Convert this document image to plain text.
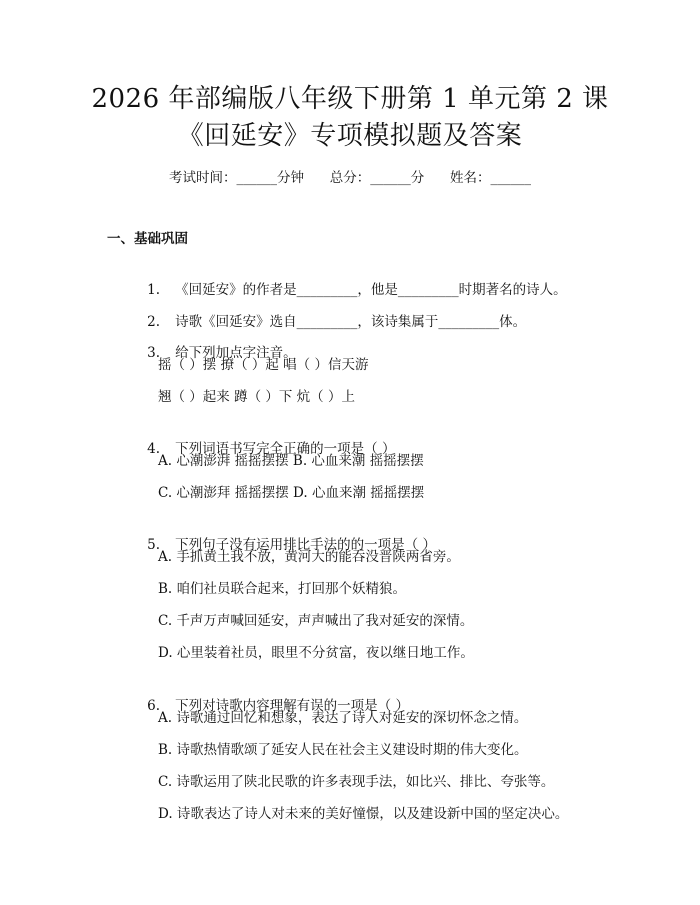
2026 年部编版八年级下册第 1 单元第 2 课
《回延安》专项模拟题及答案
考试时间：______分钟      总分：______分      姓名：______
一、基础巩固

1. 《回延安》的作者是_________，他是_________时期著名的诗人。

2. 诗歌《回延安》选自_________，该诗集属于_________体。

3. 给下列加点字注音。

摇（ ）摆 撩（ ）起 唱（ ）信天游
翘（ ）起来 蹲（ ）下 炕（ ）上

4. 下列词语书写完全正确的一项是（ ）

A. 心潮澎湃 摇摇摆摆 B. 心血来潮 摇摇摆摆
C. 心潮澎拜 摇摇摆摆 D. 心血来潮 摇摇摆摆

5. 下列句子没有运用排比手法的的一项是（ ）

A. 手抓黄土我不放，黄河大的能吞没晋陕两省旁。
B. 咱们社员联合起来，打回那个妖精狼。
C. 千声万声喊回延安，声声喊出了我对延安的深情。
D. 心里装着社员，眼里不分贫富，夜以继日地工作。

6. 下列对诗歌内容理解有误的一项是（ ）

A. 诗歌通过回忆和想象，表达了诗人对延安的深切怀念之情。
B. 诗歌热情歌颂了延安人民在社会主义建设时期的伟大变化。
C. 诗歌运用了陕北民歌的许多表现手法，如比兴、排比、夸张等。
D. 诗歌表达了诗人对未来的美好憧憬，以及建设新中国的坚定决心。
